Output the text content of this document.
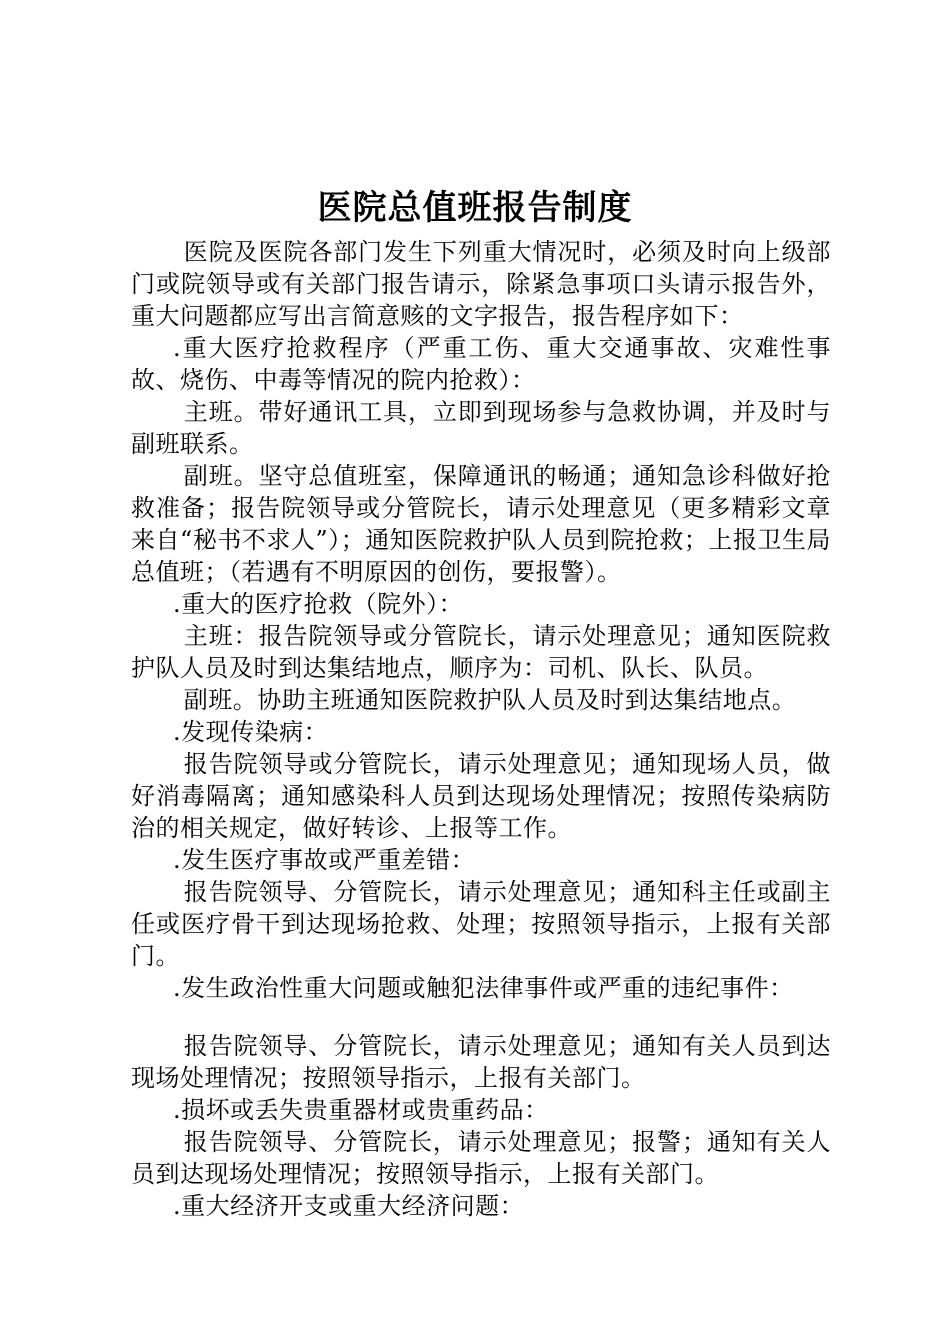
医院总值班报告制度

医院及医院各部门发生下列重大情况时，必须及时向上级部门或院领导或有关部门报告请示，除紧急事项口头请示报告外，重大问题都应写出言简意赅的文字报告，报告程序如下：

.重大医疗抢救程序（严重工伤、重大交通事故、灾难性事故、烧伤、中毒等情况的院内抢救）：

主班。带好通讯工具，立即到现场参与急救协调，并及时与副班联系。

副班。坚守总值班室，保障通讯的畅通；通知急诊科做好抢救准备；报告院领导或分管院长，请示处理意见（更多精彩文章来自“秘书不求人”）；通知医院救护队人员到院抢救；上报卫生局总值班；（若遇有不明原因的创伤，要报警）。

.重大的医疗抢救（院外）：

主班：报告院领导或分管院长，请示处理意见；通知医院救护队人员及时到达集结地点，顺序为：司机、队长、队员。

副班。协助主班通知医院救护队人员及时到达集结地点。

.发现传染病：

报告院领导或分管院长，请示处理意见；通知现场人员，做好消毒隔离；通知感染科人员到达现场处理情况；按照传染病防治的相关规定，做好转诊、上报等工作。

.发生医疗事故或严重差错：

报告院领导、分管院长，请示处理意见；通知科主任或副主任或医疗骨干到达现场抢救、处理；按照领导指示，上报有关部门。

.发生政治性重大问题或触犯法律事件或严重的违纪事件：

报告院领导、分管院长，请示处理意见；通知有关人员到达现场处理情况；按照领导指示，上报有关部门。

.损坏或丢失贵重器材或贵重药品：

报告院领导、分管院长，请示处理意见；报警；通知有关人员到达现场处理情况；按照领导指示，上报有关部门。

.重大经济开支或重大经济问题：
